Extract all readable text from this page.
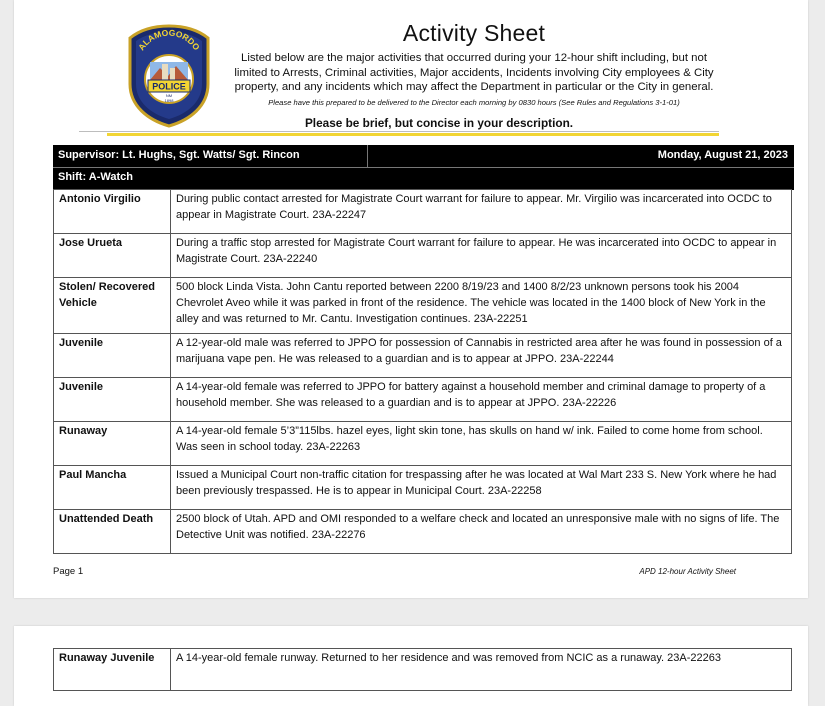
ALAMOGORDO
POLICE
NM
1898
Activity Sheet
Listed below are the major activities that occurred during your 12-hour shift including, but not limited to Arrests, Criminal activities, Major accidents, Incidents involving City employees & City property, and any incidents which may affect the Department in particular or the City in general.
Please have this prepared to be delivered to the Director each morning by 0830 hours (See Rules and Regulations 3-1-01)
Please be brief, but concise in your description.
Supervisor: Lt. Hughs, Sgt. Watts/ Sgt. Rincon	Monday, August 21, 2023
Shift: A-Watch
Antonio Virgilio	During public contact arrested for Magistrate Court warrant for failure to appear. Mr. Virgilio was incarcerated into OCDC to appear in Magistrate Court. 23A-22247
Jose Urueta	During a traffic stop arrested for Magistrate Court warrant for failure to appear. He was incarcerated into OCDC to appear in Magistrate Court. 23A-22240
Stolen/ Recovered Vehicle	500 block Linda Vista. John Cantu reported between 2200 8/19/23 and 1400 8/2/23 unknown persons took his 2004 Chevrolet Aveo while it was parked in front of the residence. The vehicle was located in the 1400 block of New York in the alley and was returned to Mr. Cantu. Investigation continues. 23A-22251
Juvenile	A 12-year-old male was referred to JPPO for possession of Cannabis in restricted area after he was found in possession of a marijuana vape pen. He was released to a guardian and is to appear at JPPO. 23A-22244
Juvenile	A 14-year-old female was referred to JPPO for battery against a household member and criminal damage to property of a household member. She was released to a guardian and is to appear at JPPO. 23A-22226
Runaway	A 14-year-old female 5’3”115lbs. hazel eyes, light skin tone, has skulls on hand w/ ink. Failed to come home from school. Was seen in school today. 23A-22263
Paul Mancha	Issued a Municipal Court non-traffic citation for trespassing after he was located at Wal Mart 233 S. New York where he had been previously trespassed. He is to appear in Municipal Court. 23A-22258
Unattended Death	2500 block of Utah. APD and OMI responded to a welfare check and located an unresponsive male with no signs of life. The Detective Unit was notified. 23A-22276
Page 1	APD 12-hour Activity Sheet
Runaway Juvenile	A 14-year-old female runway. Returned to her residence and was removed from NCIC as a runaway. 23A-22263
